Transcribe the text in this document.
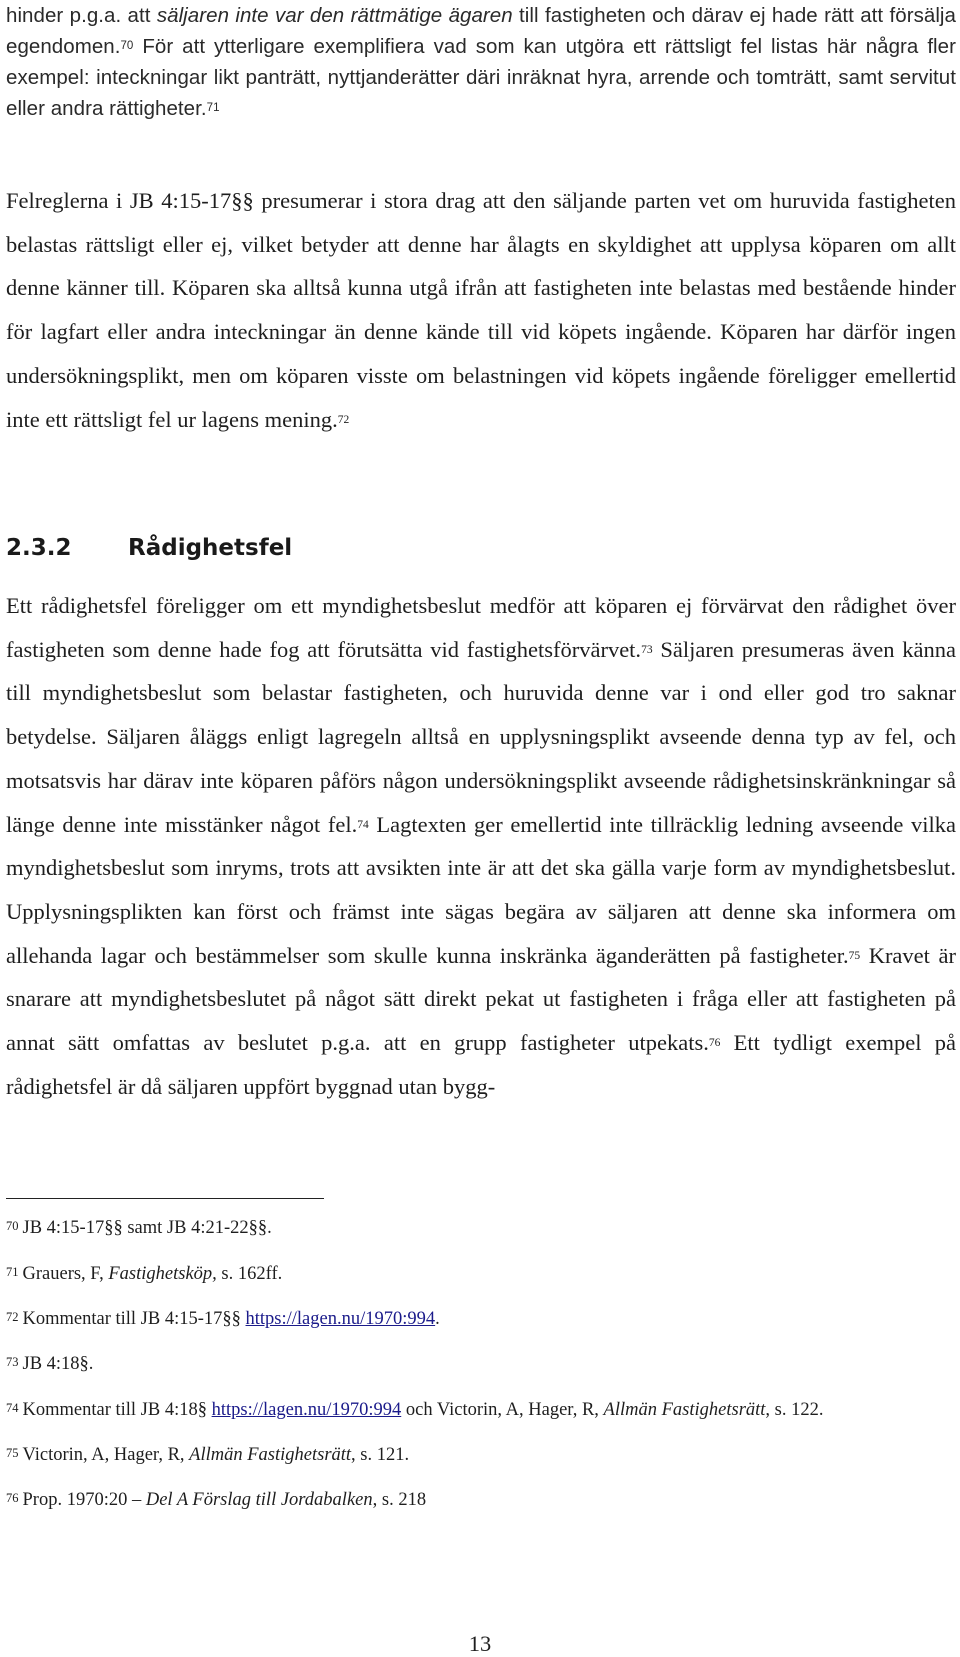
hinder p.g.a. att säljaren inte var den rättmätige ägaren till fastigheten och därav ej hade rätt att försälja egendomen.$^{70}$ För att ytterligare exemplifiera vad som kan utgöra ett rättsligt fel listas här några fler exempel: inteckningar likt panträtt, nyttjanderätter däri inräknat hyra, arrende och tomträtt, samt servitut eller andra rättigheter.$^{71}$

Felreglerna i JB 4:15-17§§ presumerar i stora drag att den säljande parten vet om huruvida fastigheten belastas rättsligt eller ej, vilket betyder att denne har ålagts en skyldighet att upplysa köparen om allt denne känner till. Köparen ska alltså kunna utgå ifrån att fastigheten inte belastas med bestående hinder för lagfart eller andra inteckningar än denne kände till vid köpets ingående. Köparen har därför ingen undersökningsplikt, men om köparen visste om belastningen vid köpets ingående föreligger emellertid inte ett rättsligt fel ur lagens mening.$^{72}$

2.3.2 Rådighetsfel

Ett rådighetsfel föreligger om ett myndighetsbeslut medför att köparen ej förvärvat den rådighet över fastigheten som denne hade fog att förutsätta vid fastighetsförvärvet.$^{73}$ Säljaren presumeras även känna till myndighetsbeslut som belastar fastigheten, och huruvida denne var i ond eller god tro saknar betydelse. Säljaren åläggs enligt lagregeln alltså en upplysningsplikt avseende denna typ av fel, och motsatsvis har därav inte köparen påförs någon undersökningsplikt avseende rådighetsinskränkningar så länge denne inte misstänker något fel.$^{74}$ Lagtexten ger emellertid inte tillräcklig ledning avseende vilka myndighetsbeslut som inryms, trots att avsikten inte är att det ska gälla varje form av myndighetsbeslut. Upplysningsplikten kan först och främst inte sägas begära av säljaren att denne ska informera om allehanda lagar och bestämmelser som skulle kunna inskränka äganderätten på fastigheter.$^{75}$ Kravet är snarare att myndighetsbeslutet på något sätt direkt pekat ut fastigheten i fråga eller att fastigheten på annat sätt omfattas av beslutet p.g.a. att en grupp fastigheter utpekats.$^{76}$ Ett tydligt exempel på rådighetsfel är då säljaren uppfört byggnad utan bygg-

70 JB 4:15-17§§ samt JB 4:21-22§§.

71 Grauers, F, Fastighetsköp, s. 162ff.

72 Kommentar till JB 4:15-17§§ https://lagen.nu/1970:994.

73 JB 4:18§.

74 Kommentar till JB 4:18§ https://lagen.nu/1970:994 och Victorin, A, Hager, R, Allmän Fastighetsrätt, s. 122.

75 Victorin, A, Hager, R, Allmän Fastighetsrätt, s. 121.

76 Prop. 1970:20 – Del A Förslag till Jordabalken, s. 218

13
